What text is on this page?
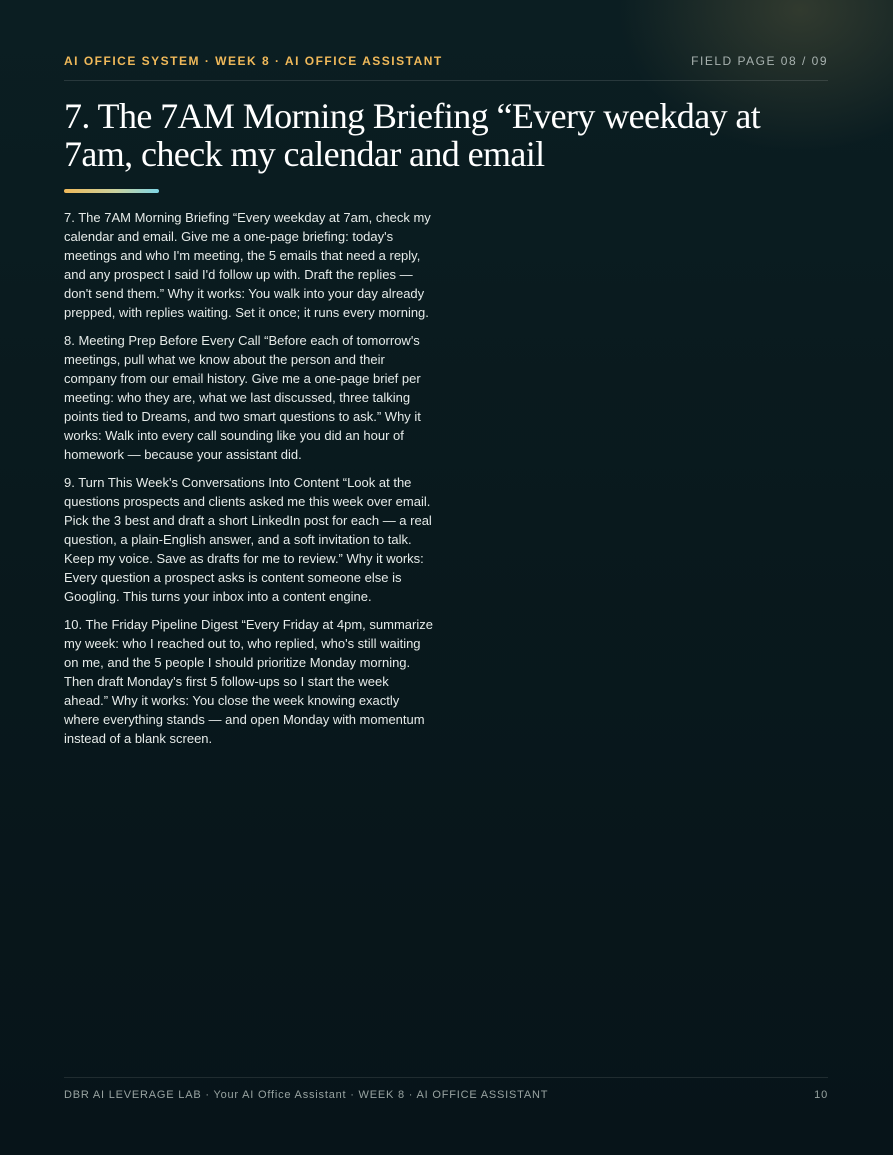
AI OFFICE SYSTEM · WEEK 8 · AI OFFICE ASSISTANT	FIELD PAGE 08 / 09
7. The 7AM Morning Briefing “Every weekday at 7am, check my calendar and email

7. The 7AM Morning Briefing “Every weekday at 7am, check my calendar and email. Give me a one-page briefing: today's meetings and who I'm meeting, the 5 emails that need a reply, and any prospect I said I'd follow up with. Draft the replies — don't send them.” Why it works: You walk into your day already prepped, with replies waiting. Set it once; it runs every morning.

8. Meeting Prep Before Every Call “Before each of tomorrow's meetings, pull what we know about the person and their company from our email history. Give me a one-page brief per meeting: who they are, what we last discussed, three talking points tied to Dreams, and two smart questions to ask.” Why it works: Walk into every call sounding like you did an hour of homework — because your assistant did.

9. Turn This Week's Conversations Into Content “Look at the questions prospects and clients asked me this week over email. Pick the 3 best and draft a short LinkedIn post for each — a real question, a plain-English answer, and a soft invitation to talk. Keep my voice. Save as drafts for me to review.” Why it works: Every question a prospect asks is content someone else is Googling. This turns your inbox into a content engine.

10. The Friday Pipeline Digest “Every Friday at 4pm, summarize my week: who I reached out to, who replied, who's still waiting on me, and the 5 people I should prioritize Monday morning. Then draft Monday's first 5 follow-ups so I start the week ahead.” Why it works: You close the week knowing exactly where everything stands — and open Monday with momentum instead of a blank screen.

DBR AI LEVERAGE LAB · Your AI Office Assistant · WEEK 8 · AI OFFICE ASSISTANT	10
